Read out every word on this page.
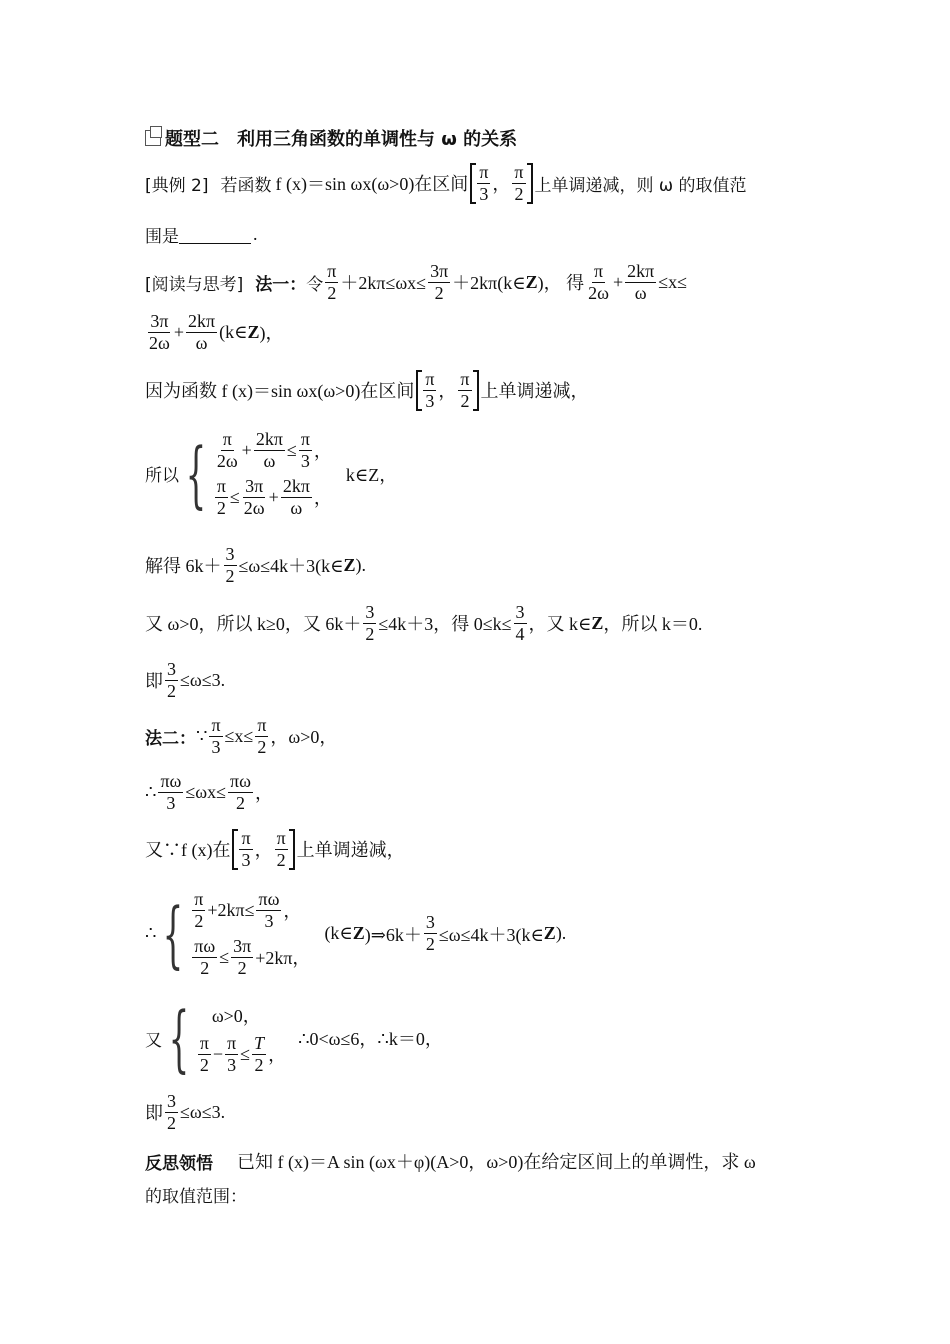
题型二　利用三角函数的单调性与 ω 的关系
[典例 2] 若函数 f (x)＝sin ωx(ω>0)在区间 $\frac{\pi}{3}$ ， $\frac{\pi}{2}$ 上单调递减，则 ω 的取值范
围是	.
[阅读与思考] 法一： 令 $\frac{\pi}{2} +2k\pi\le\omega x\le \frac{3\pi}{2}$ ＋2kπ(k∈ Z )， 得 $\frac{\pi}{2\omega} + \frac{2k\pi}{\omega} \le x\le$
$\frac{3\pi}{2\omega} + \frac{2k\pi}{\omega}$ (k∈ Z )，
因为函数 f (x)＝sin ωx(ω>0)在区间 $\frac{\pi}{3}$ ， $\frac{\pi}{2}$ 上单调递减，
所以 { $\frac{\pi}{2\omega} + \frac{2k\pi}{\omega} \le \frac{\pi}{3}$ ，
$\frac{\pi}{2} \le \frac{3\pi}{2\omega} + \frac{2k\pi}{\omega}$ ，
k∈Z，
解得 $6k+ \frac{3}{2}$ ≤ω≤4k＋3(k∈ Z ).
又 ω>0，所以 k≥0，又 $6k+ \frac{3}{2} \le 4k+3$，得 $0\le k\le \frac{3}{4}$ ，又 k∈ Z ，所以 k＝0.
即 $\frac{3}{2} \le\omega\le 3$.
法二： ∵ $\frac{\pi}{3} \le x\le \frac{\pi}{2}$ ，ω>0，
∴ $\frac{\pi\omega}{3} \le\omega x\le \frac{\pi\omega}{2}$ ，
又∵f (x)在 $\frac{\pi}{3}$ ， $\frac{\pi}{2}$ 上单调递减，
∴ { $\frac{\pi}{2} +2k\pi\le \frac{\pi\omega}{3}$ ，
$\frac{\pi\omega}{2} \le \frac{3\pi}{2} +2k\pi$，
(k∈ Z )⇒6k＋ $\frac{3}{2}$ ≤ω≤4k＋3(k∈ Z ).
又 { ω>0，
$\frac{\pi}{2} - \frac{\pi}{3} \le \frac{T}{2}$ ，
∴0<ω≤6，∴k＝0，
即 $\frac{3}{2} \le\omega\le 3$.
反思领悟 已知 f (x)＝A sin (ωx＋φ)(A>0，ω>0)在给定区间上的单调性，求 ω
的取值范围：
